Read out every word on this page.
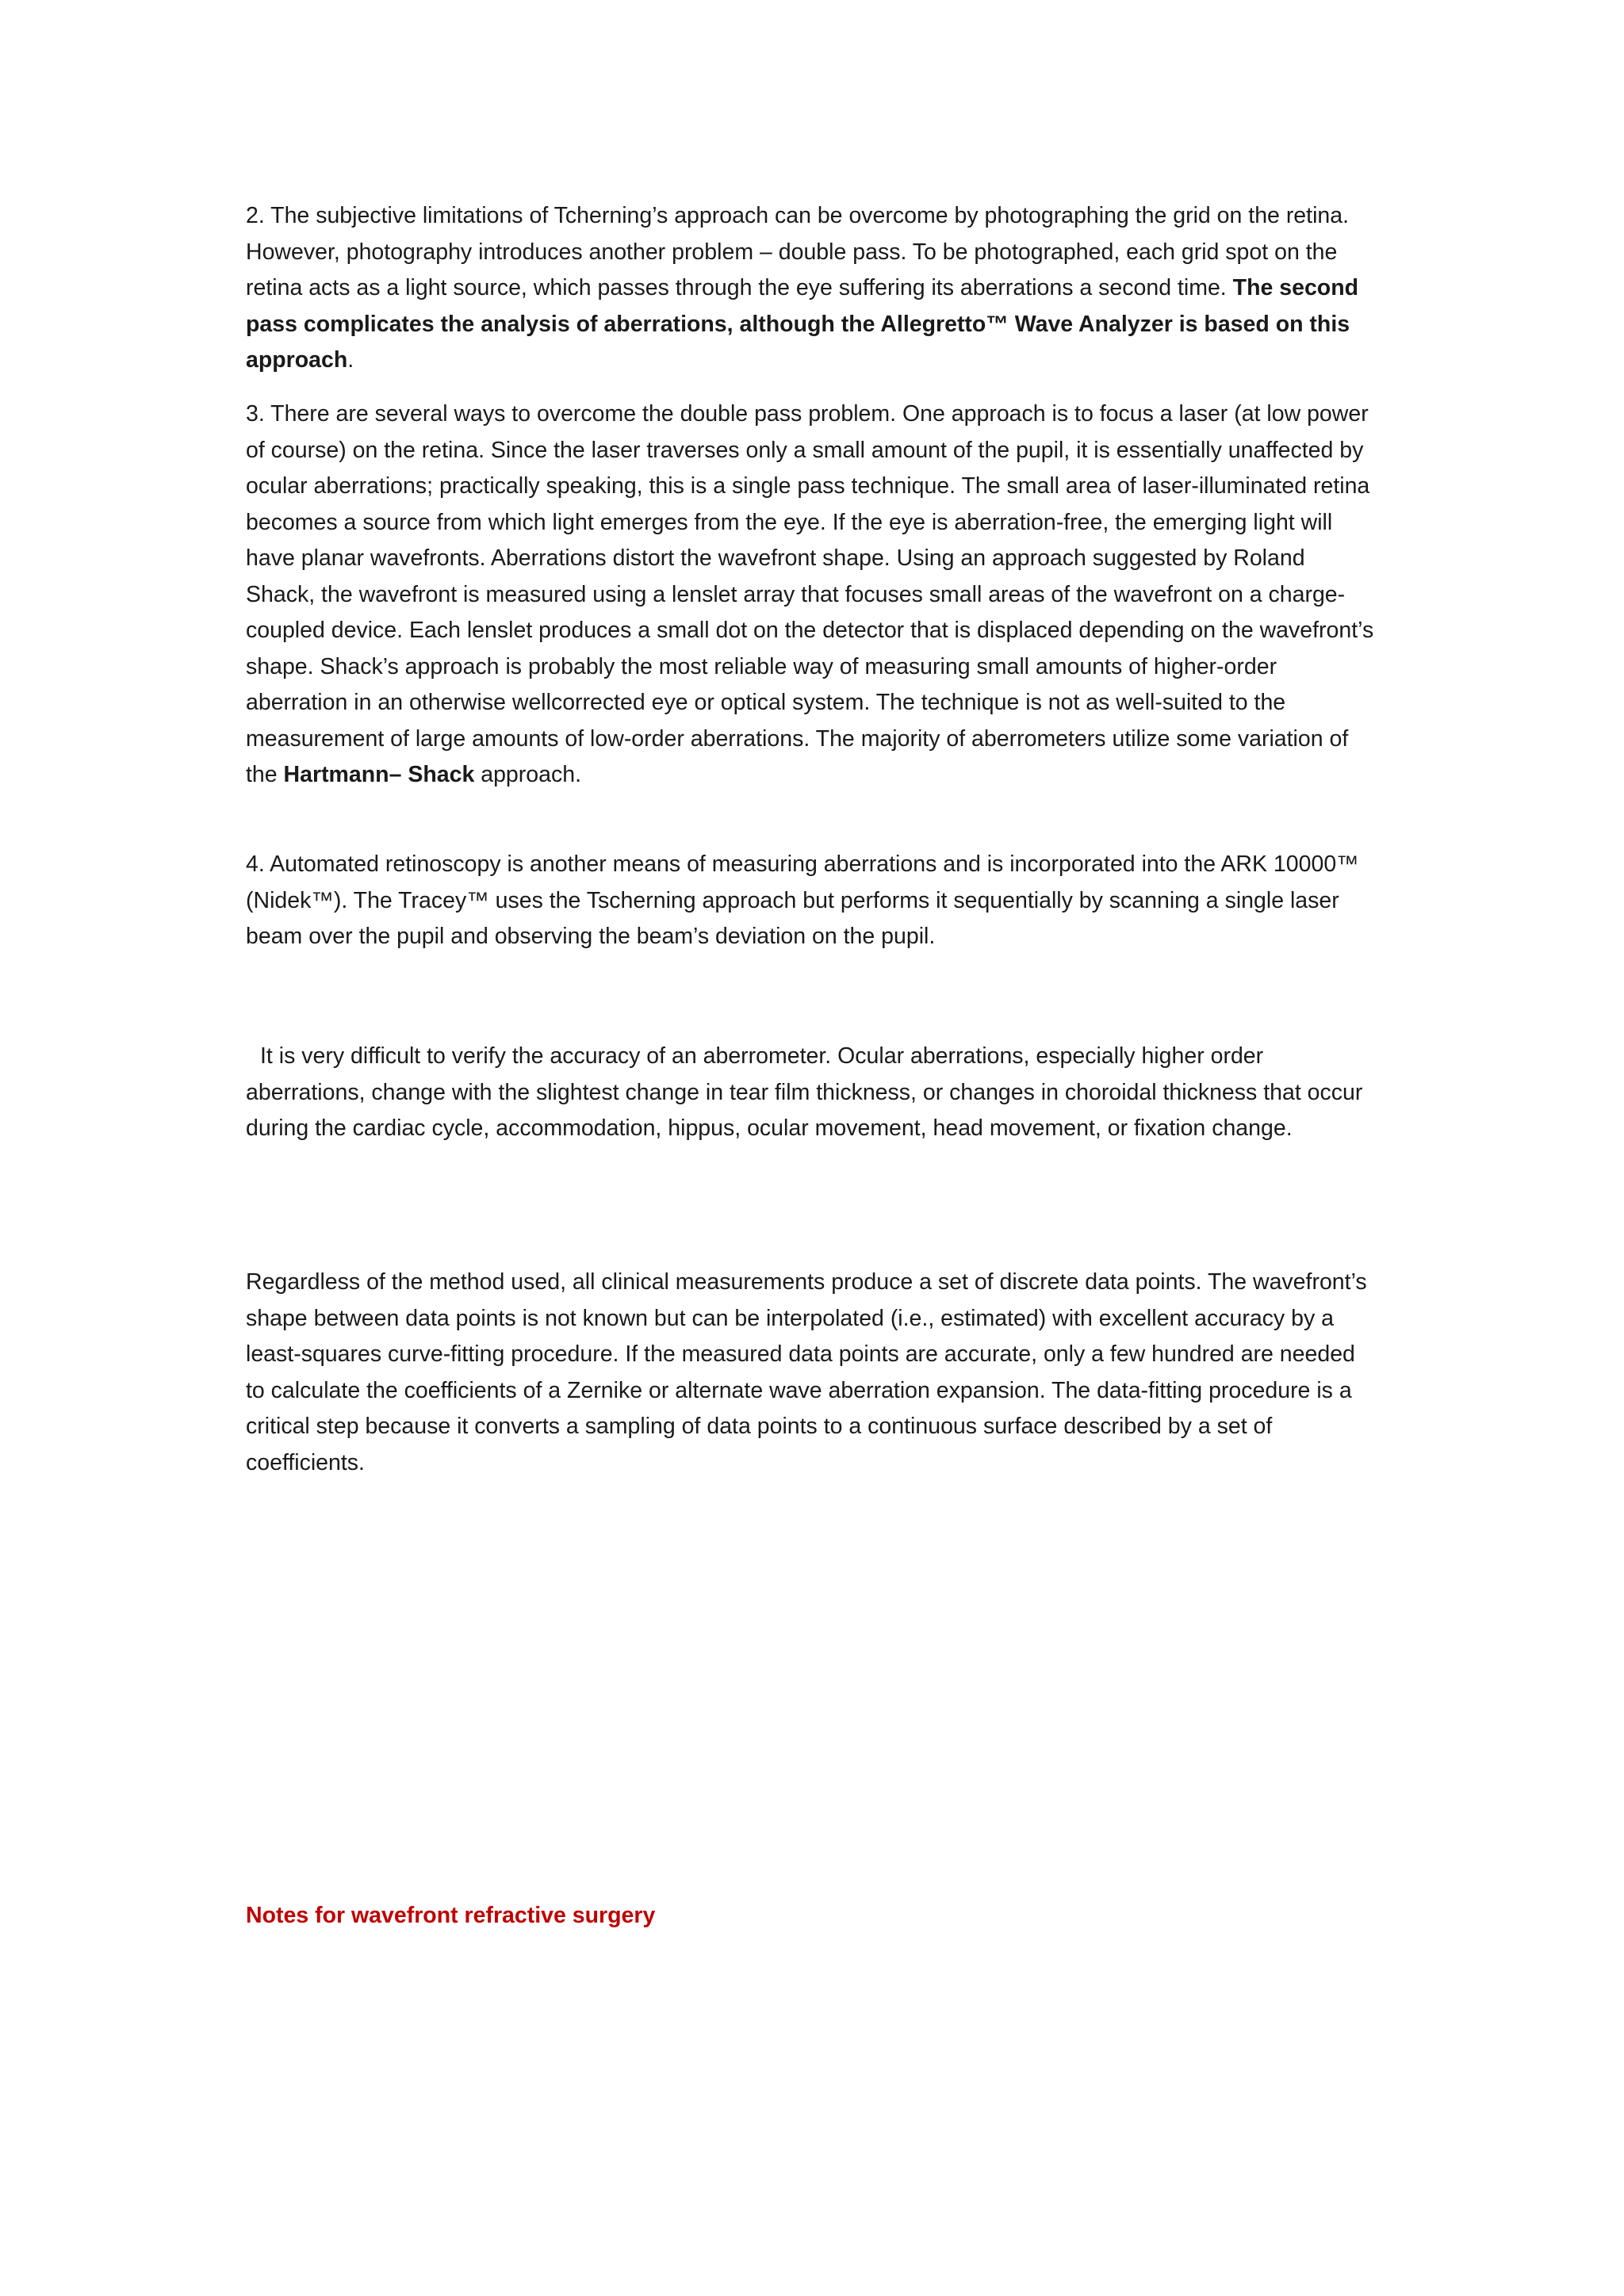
2. The subjective limitations of Tcherning’s approach can be overcome by photographing the grid on the retina. However, photography introduces another problem – double pass. To be photographed, each grid spot on the retina acts as a light source, which passes through the eye suffering its aberrations a second time. The second pass complicates the analysis of aberrations, although the Allegretto™ Wave Analyzer is based on this approach.

3. There are several ways to overcome the double pass problem. One approach is to focus a laser (at low power of course) on the retina. Since the laser traverses only a small amount of the pupil, it is essentially unaffected by ocular aberrations; practically speaking, this is a single pass technique. The small area of laser-illuminated retina becomes a source from which light emerges from the eye. If the eye is aberration-free, the emerging light will have planar wavefronts. Aberrations distort the wavefront shape. Using an approach suggested by Roland Shack, the wavefront is measured using a lenslet array that focuses small areas of the wavefront on a charge-coupled device. Each lenslet produces a small dot on the detector that is displaced depending on the wavefront’s shape. Shack’s approach is probably the most reliable way of measuring small amounts of higher-order aberration in an otherwise wellcorrected eye or optical system. The technique is not as well-suited to the measurement of large amounts of low-order aberrations. The majority of aberrometers utilize some variation of the Hartmann– Shack approach.

4. Automated retinoscopy is another means of measuring aberrations and is incorporated into the ARK 10000™ (Nidek™). The Tracey™ uses the Tscherning approach but performs it sequentially by scanning a single laser beam over the pupil and observing the beam’s deviation on the pupil.

It is very difficult to verify the accuracy of an aberrometer. Ocular aberrations, especially higher order aberrations, change with the slightest change in tear film thickness, or changes in choroidal thickness that occur during the cardiac cycle, accommodation, hippus, ocular movement, head movement, or fixation change.

Regardless of the method used, all clinical measurements produce a set of discrete data points. The wavefront’s shape between data points is not known but can be interpolated (i.e., estimated) with excellent accuracy by a least-squares curve-fitting procedure. If the measured data points are accurate, only a few hundred are needed to calculate the coefficients of a Zernike or alternate wave aberration expansion. The data-fitting procedure is a critical step because it converts a sampling of data points to a continuous surface described by a set of coefficients.

Notes for wavefront refractive surgery
